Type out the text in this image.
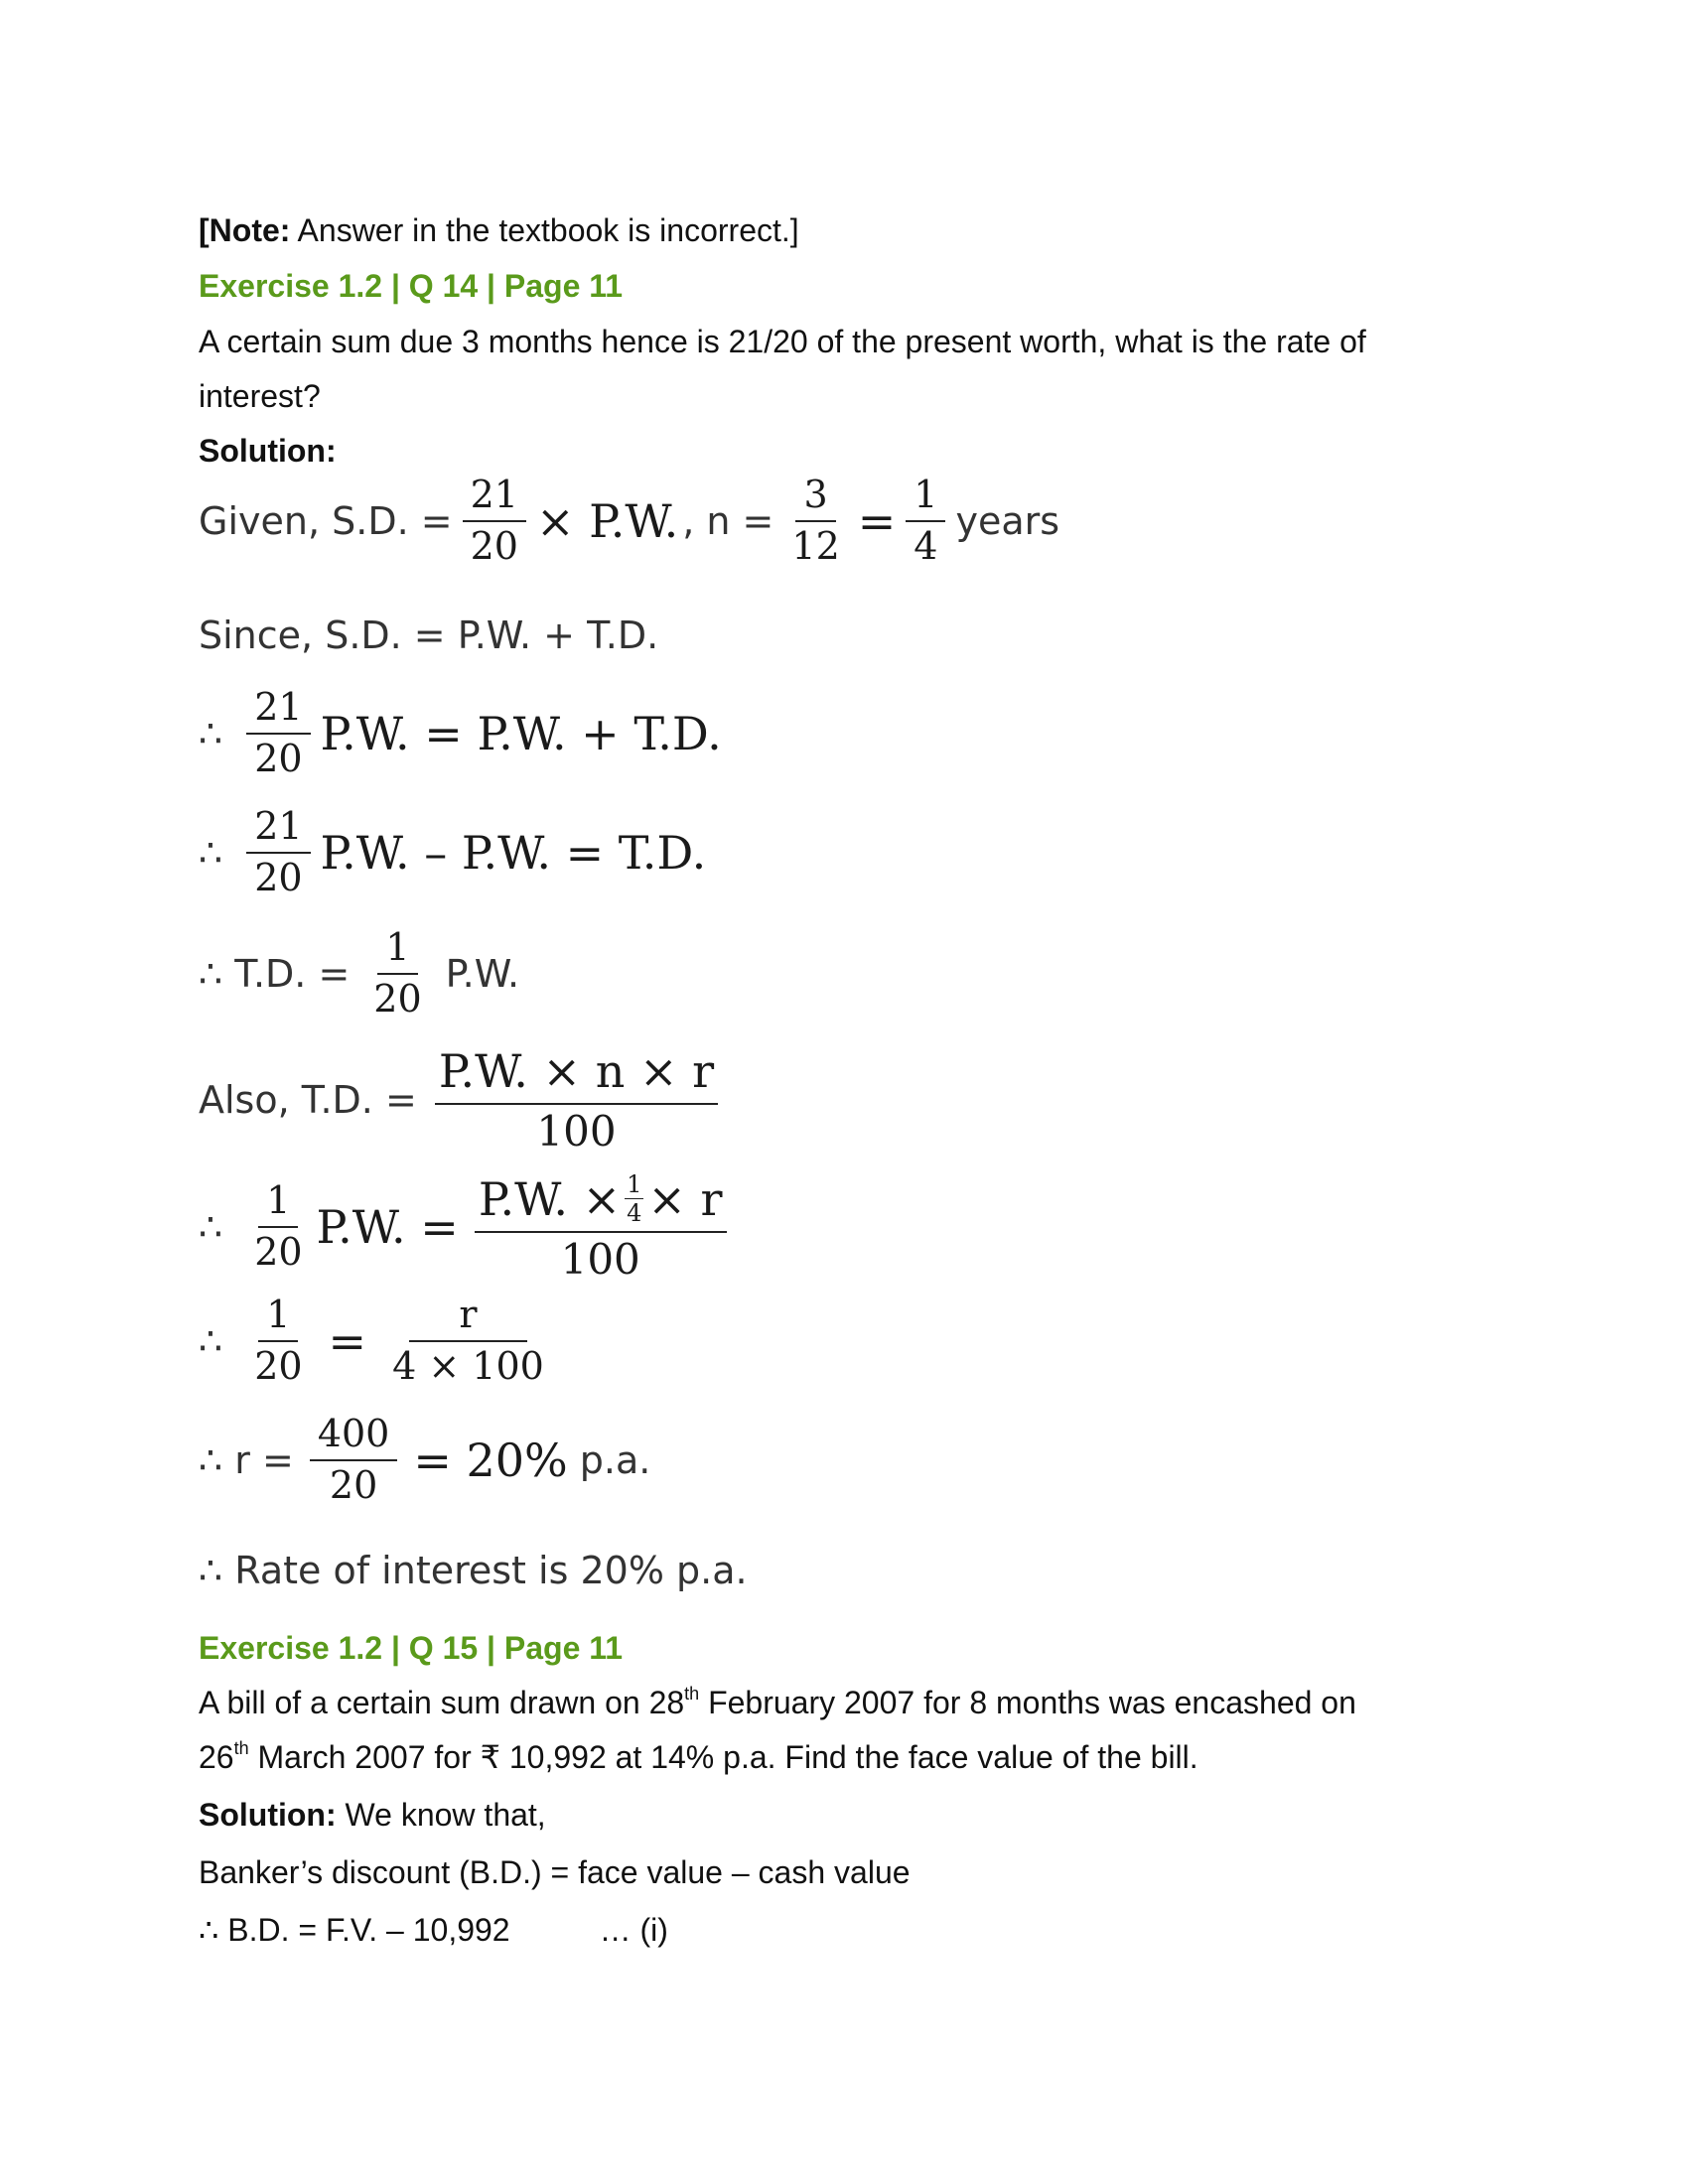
[Note: Answer in the textbook is incorrect.]
Exercise 1.2 | Q 14 | Page 11
A certain sum due 3 months hence is 21/20 of the present worth, what is the rate of
interest?
Solution:
Given, S.D. = $\frac{21}{20} \times P.W$. , $n = \frac{3}{12} = \frac{1}{4}$ years
Since, S.D. = P.W. + T.D.
∴ $\frac{21}{20} P.W$. = P.W. + T.D.
∴ $\frac{21}{20} P.W$. – P.W. = T.D.
∴ T.D. = $\frac{1}{20} P.W$.
Also, T.D. = $\frac{P.W. \times n \times r}{100}$
∴ $\frac{1}{20} P.W$. = $\frac{P.W. \times \frac{1}{4} \times r}{100}$
∴ $\frac{1}{20} = \frac{r}{4 \times 100}$
∴ $r = \frac{400}{20} = 20\%$ p.a.
∴ Rate of interest is 20% p.a.
Exercise 1.2 | Q 15 | Page 11
A bill of a certain sum drawn on 28th February 2007 for 8 months was encashed on
26th March 2007 for ₹ 10,992 at 14% p.a. Find the face value of the bill.
Solution: We know that,
Banker’s discount (B.D.) = face value – cash value
∴ B.D. = F.V. – 10,992	… (i)
